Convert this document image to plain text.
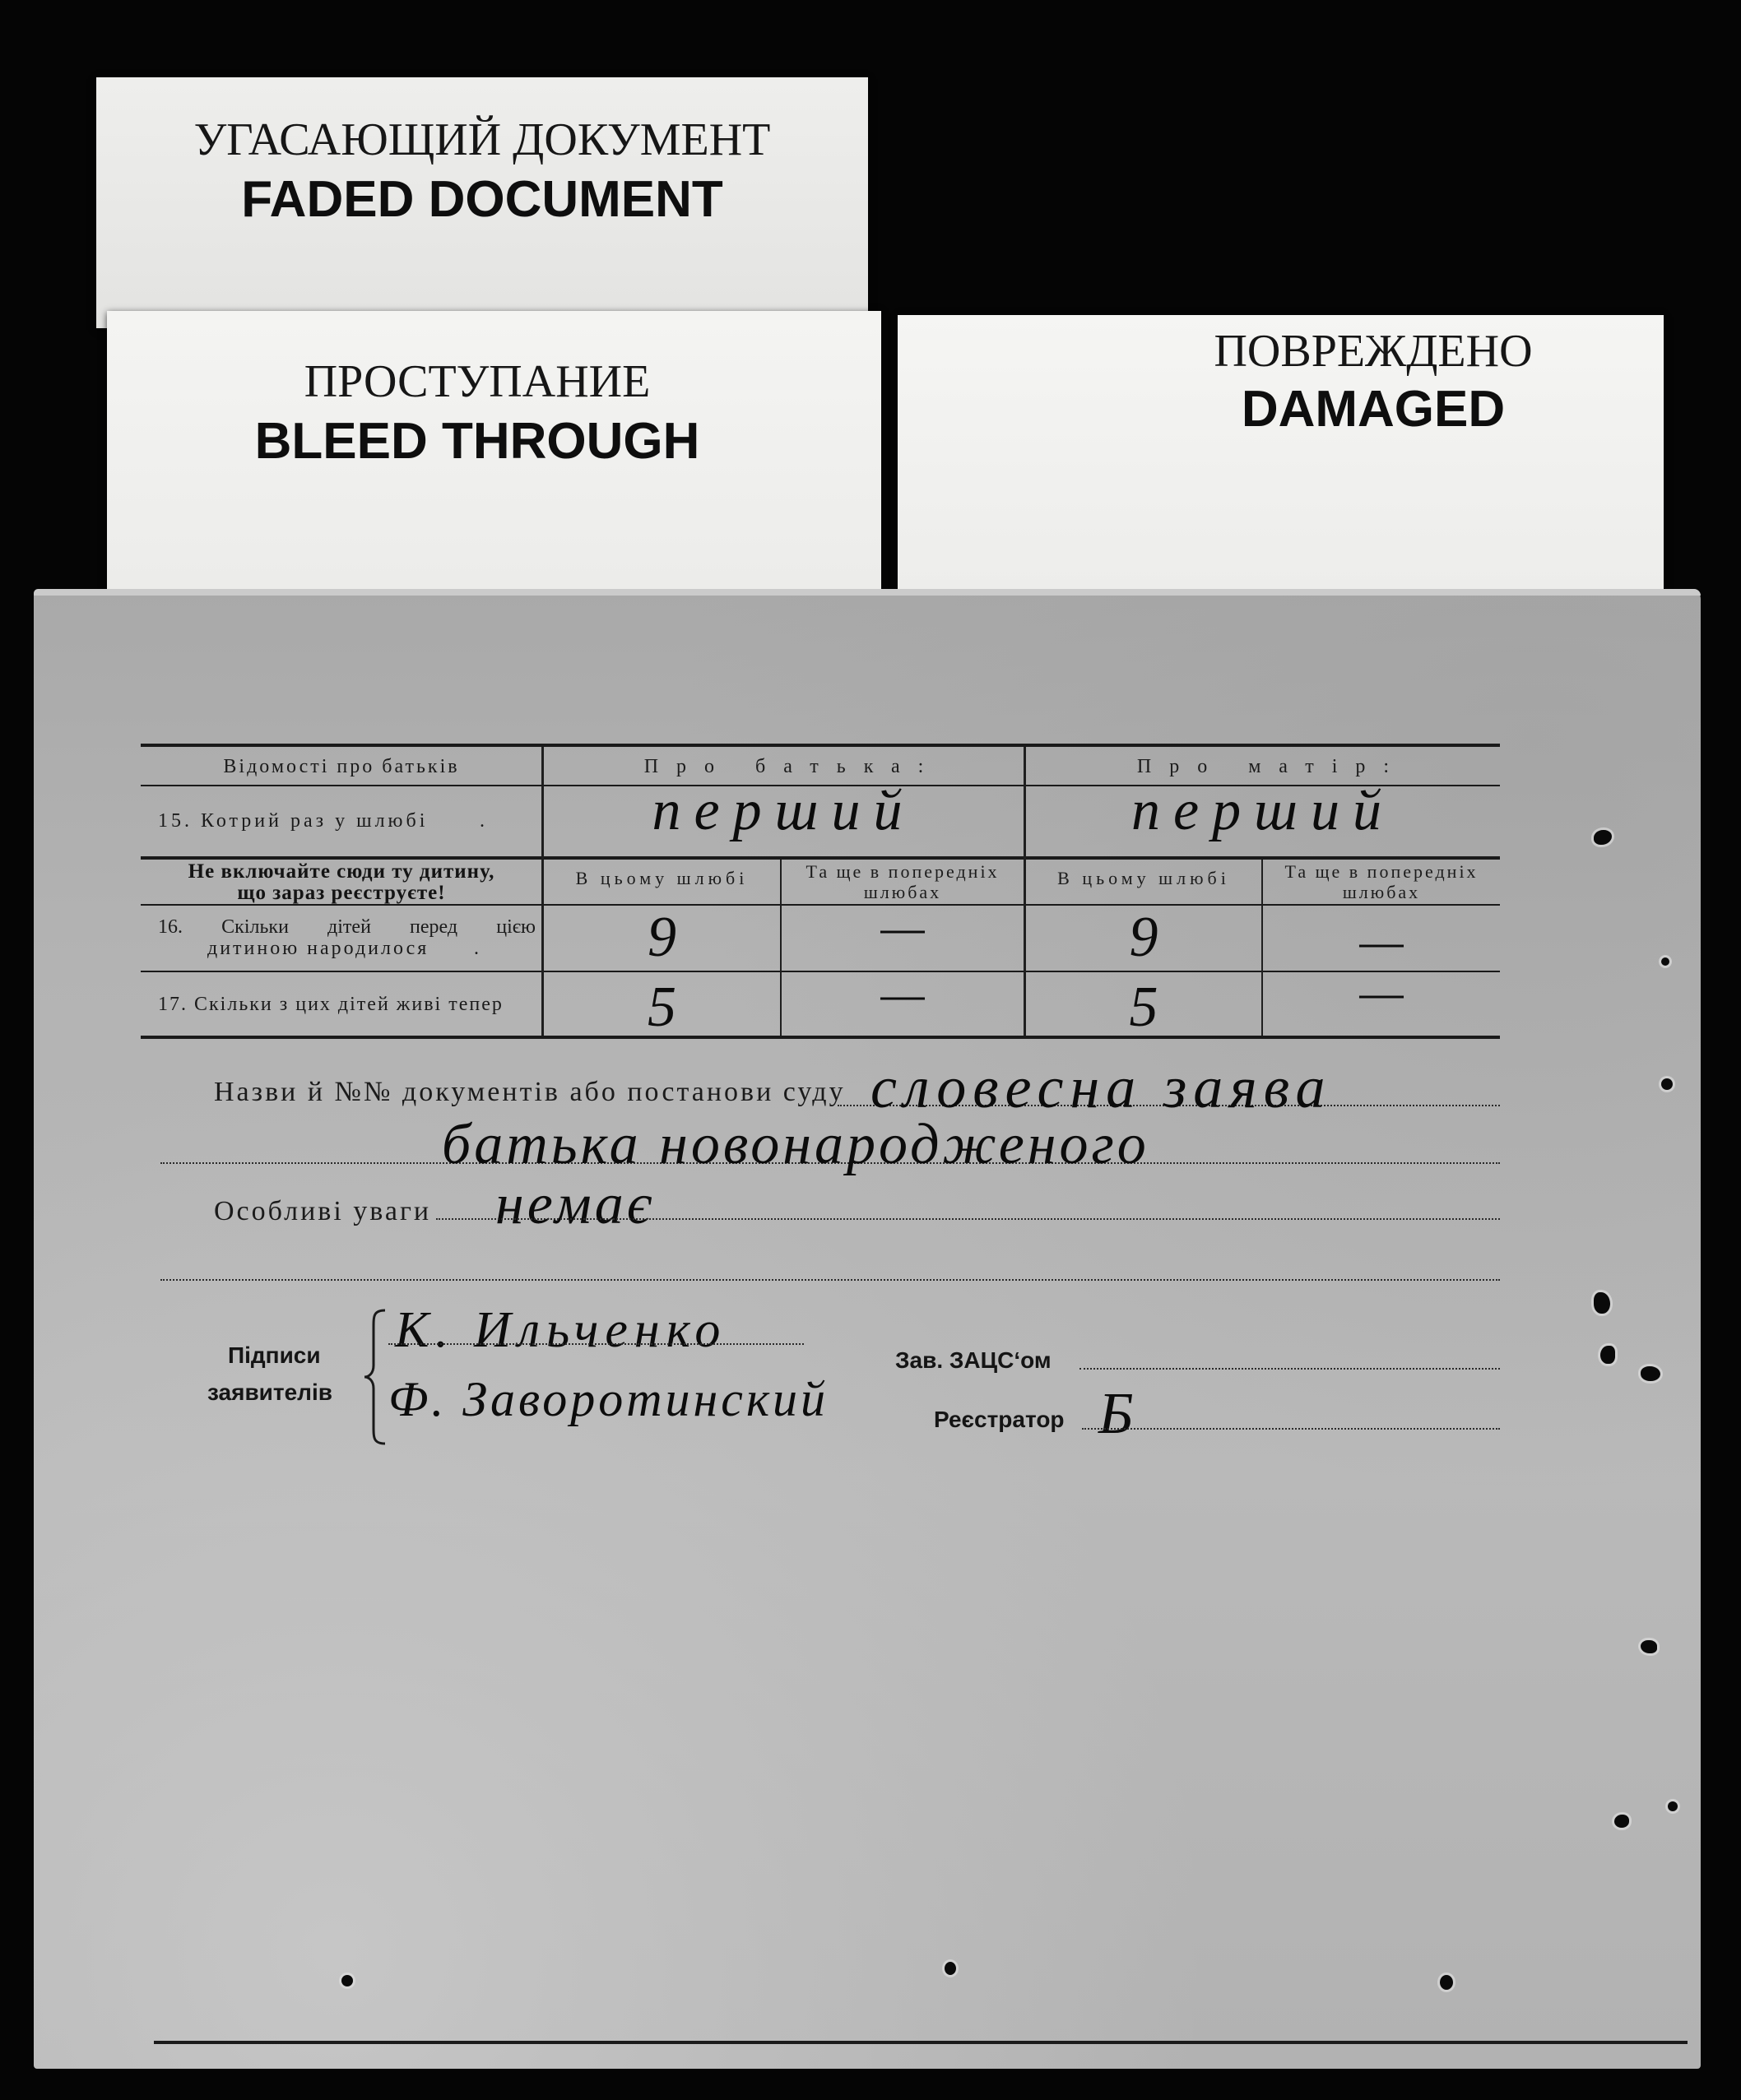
УГАСАЮЩИЙ ДОКУМЕНТ
FADED DOCUMENT
ПРОСТУПАНИЕ
BLEED THROUGH
ПОВРЕЖДЕНО
DAMAGED
Відомості про батьків	Про батька:	Про матір:
15. Котрий раз у шлюбі	.	перший	перший
Не включайте сюди ту дитину,
що зараз реєструєте!
В цьому шлюбі	Та ще в попередніх
шлюбах
В цьому шлюбі	Та ще в попередніх
шлюбах
16. Скільки дітей перед цією
дитиною народилося .	9	—	9	—
17. Скільки з цих дітей живі тепер	5	—	5	—
Назви й №№ документів або постанови суду словесна заява
батька новонародженого
Особливі уваги немає
Підписи
заявителів
К. Ильченко
Ф. Заворотинский
Зав. ЗАЦС‘ом
Реєстратор Б
